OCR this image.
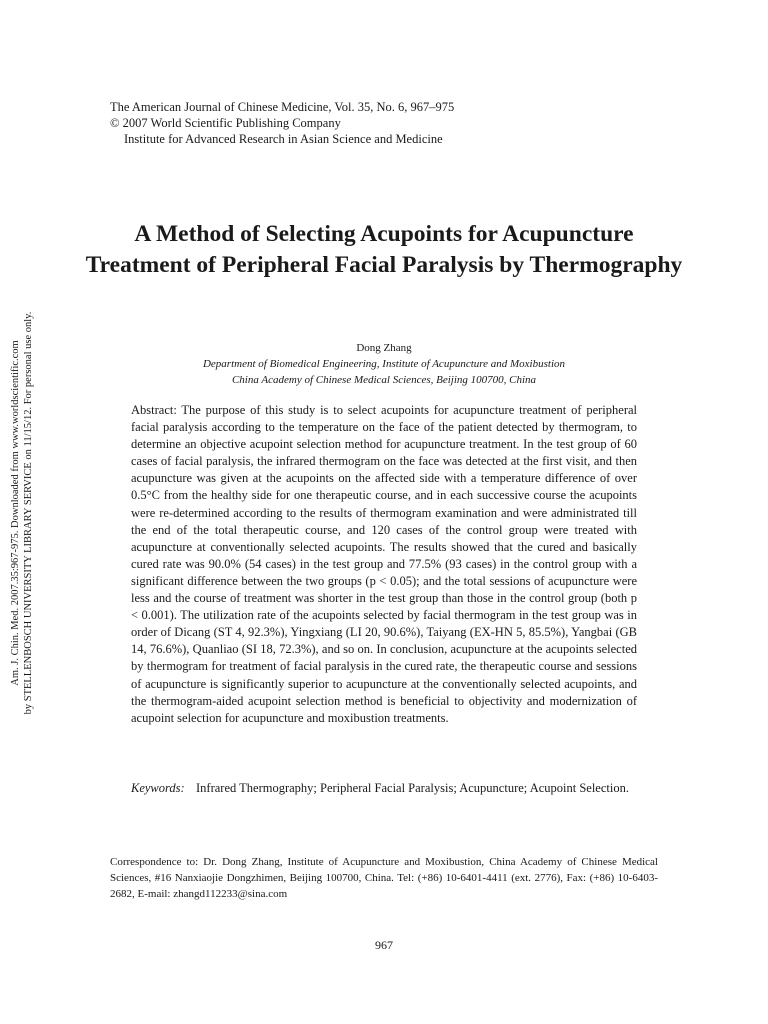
The American Journal of Chinese Medicine, Vol. 35, No. 6, 967–975
© 2007 World Scientific Publishing Company
Institute for Advanced Research in Asian Science and Medicine
A Method of Selecting Acupoints for Acupuncture Treatment of Peripheral Facial Paralysis by Thermography
Dong Zhang
Department of Biomedical Engineering, Institute of Acupuncture and Moxibustion
China Academy of Chinese Medical Sciences, Beijing 100700, China

Abstract: The purpose of this study is to select acupoints for acupuncture treatment of peripheral facial paralysis according to the temperature on the face of the patient detected by thermogram, to determine an objective acupoint selection method for acupuncture treatment. In the test group of 60 cases of facial paralysis, the infrared thermogram on the face was detected at the first visit, and then acupuncture was given at the acupoints on the affected side with a temperature difference of over 0.5°C from the healthy side for one therapeutic course, and in each successive course the acupoints were re-determined according to the results of thermogram examination and were administrated till the end of the total therapeutic course, and 120 cases of the control group were treated with acupuncture at conventionally selected acupoints. The results showed that the cured and basically cured rate was 90.0% (54 cases) in the test group and 77.5% (93 cases) in the control group with a significant difference between the two groups (p < 0.05); and the total sessions of acupuncture were less and the course of treatment was shorter in the test group than those in the control group (both p < 0.001). The utilization rate of the acupoints selected by facial thermogram in the test group was in order of Dicang (ST 4, 92.3%), Yingxiang (LI 20, 90.6%), Taiyang (EX-HN 5, 85.5%), Yangbai (GB 14, 76.6%), Quanliao (SI 18, 72.3%), and so on. In conclusion, acupuncture at the acupoints selected by thermogram for treatment of facial paralysis in the cured rate, the therapeutic course and sessions of acupuncture is significantly superior to acupuncture at the conventionally selected acupoints, and the thermogram-aided acupoint selection method is beneficial to objectivity and modernization of acupoint selection for acupuncture and moxibustion treatments.

Keywords: Infrared Thermography; Peripheral Facial Paralysis; Acupuncture; Acupoint Selection.

Correspondence to: Dr. Dong Zhang, Institute of Acupuncture and Moxibustion, China Academy of Chinese Medical Sciences, #16 Nanxiaojie Dongzhimen, Beijing 100700, China. Tel: (+86) 10-6401-4411 (ext. 2776), Fax: (+86) 10-6403-2682, E-mail: zhangd112233@sina.com

967
Am. J. Chin. Med. 2007.35:967-975. Downloaded from www.worldscientific.com by STELLENBOSCH UNIVERSITY LIBRARY SERVICE on 11/15/12. For personal use only.
